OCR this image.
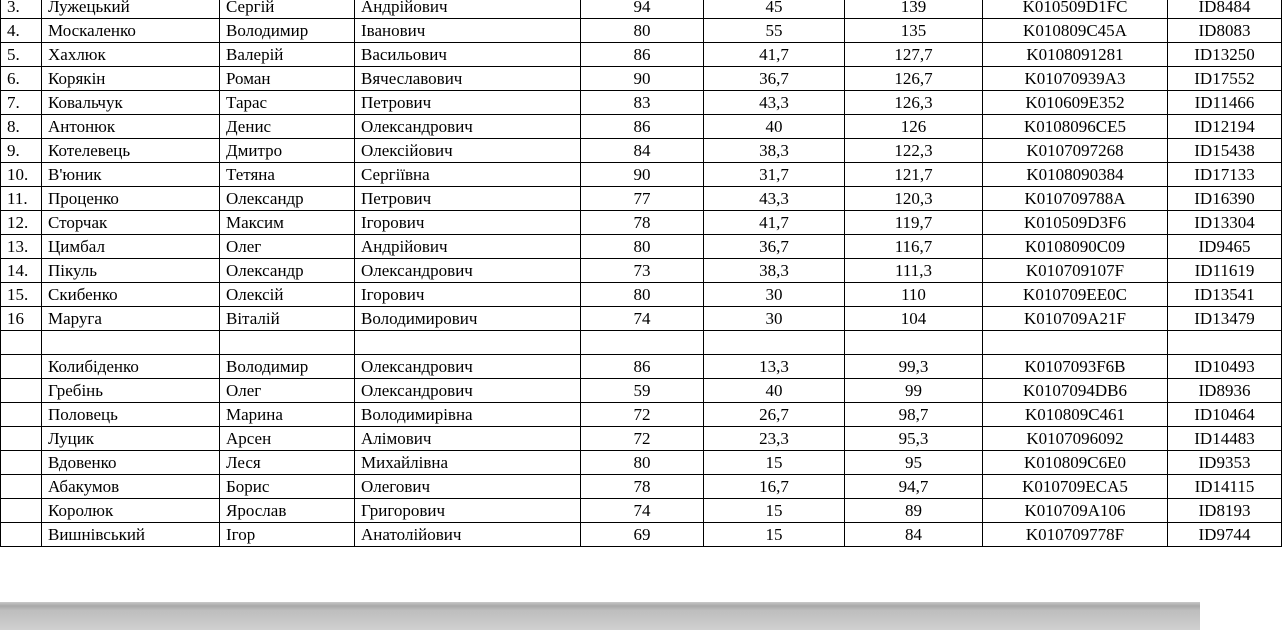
3.	Лужецький	Сергій	Андрійович	94	45	139	K010509D1FC	ID8484
4.	Москаленко	Володимир	Іванович	80	55	135	K010809C45A	ID8083
5.	Хахлюк	Валерій	Васильович	86	41,7	127,7	K0108091281	ID13250
6.	Корякін	Роман	Вячеславович	90	36,7	126,7	K01070939A3	ID17552
7.	Ковальчук	Тарас	Петрович	83	43,3	126,3	K010609E352	ID11466
8.	Антонюк	Денис	Олександрович	86	40	126	K0108096CE5	ID12194
9.	Котелевець	Дмитро	Олексійович	84	38,3	122,3	K0107097268	ID15438
10.	В'юник	Тетяна	Сергіївна	90	31,7	121,7	K0108090384	ID17133
11.	Проценко	Олександр	Петрович	77	43,3	120,3	K010709788A	ID16390
12.	Сторчак	Максим	Ігорович	78	41,7	119,7	K010509D3F6	ID13304
13.	Цимбал	Олег	Андрійович	80	36,7	116,7	K0108090C09	ID9465
14.	Пікуль	Олександр	Олександрович	73	38,3	111,3	K010709107F	ID11619
15.	Скибенко	Олексій	Ігорович	80	30	110	K010709EE0C	ID13541
16	Маруга	Віталій	Володимирович	74	30	104	K010709A21F	ID13479

	Колибіденко	Володимир	Олександрович	86	13,3	99,3	K0107093F6B	ID10493
	Гребінь	Олег	Олександрович	59	40	99	K0107094DB6	ID8936
	Половець	Марина	Володимирівна	72	26,7	98,7	K010809C461	ID10464
	Луцик	Арсен	Алімович	72	23,3	95,3	K0107096092	ID14483
	Вдовенко	Леся	Михайлівна	80	15	95	K010809C6E0	ID9353
	Абакумов	Борис	Олегович	78	16,7	94,7	K010709ECA5	ID14115
	Королюк	Ярослав	Григорович	74	15	89	K010709A106	ID8193
	Вишнівський	Ігор	Анатолійович	69	15	84	K010709778F	ID9744
